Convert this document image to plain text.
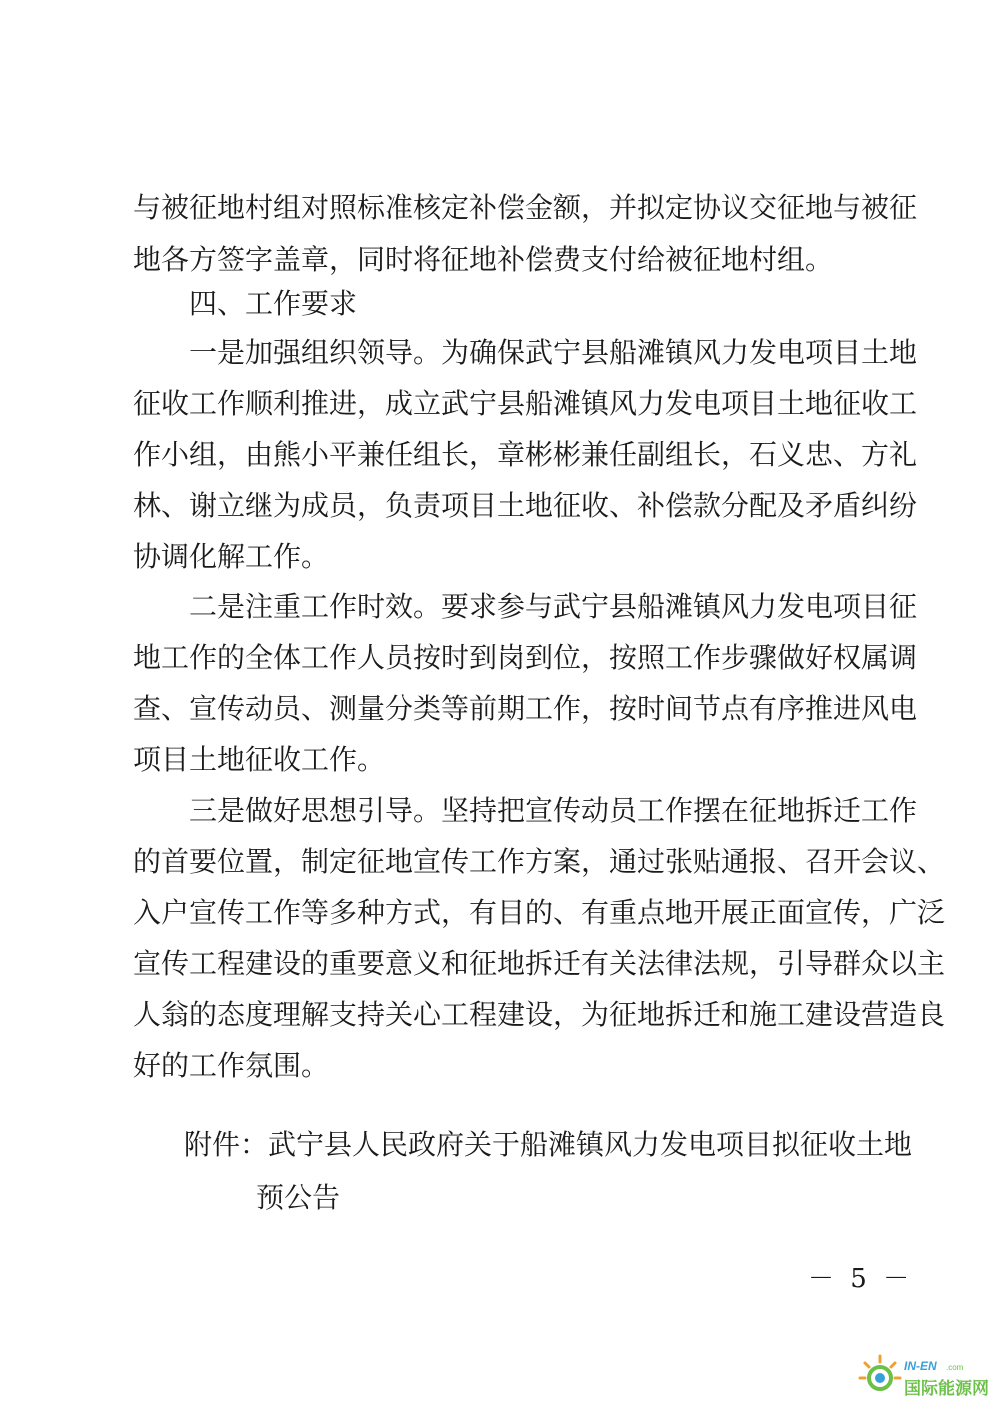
与被征地村组对照标准核定补偿金额，并拟定协议交征地与被征
地各方签字盖章，同时将征地补偿费支付给被征地村组。
四、工作要求
一是加强组织领导。为确保武宁县船滩镇风力发电项目土地
征收工作顺利推进，成立武宁县船滩镇风力发电项目土地征收工
作小组，由熊小平兼任组长，章彬彬兼任副组长，石义忠、方礼
林、谢立继为成员，负责项目土地征收、补偿款分配及矛盾纠纷
协调化解工作。
二是注重工作时效。要求参与武宁县船滩镇风力发电项目征
地工作的全体工作人员按时到岗到位，按照工作步骤做好权属调
查、宣传动员、测量分类等前期工作，按时间节点有序推进风电
项目土地征收工作。
三是做好思想引导。坚持把宣传动员工作摆在征地拆迁工作
的首要位置，制定征地宣传工作方案，通过张贴通报、召开会议、
入户宣传工作等多种方式，有目的、有重点地开展正面宣传，广泛
宣传工程建设的重要意义和征地拆迁有关法律法规，引导群众以主
人翁的态度理解支持关心工程建设，为征地拆迁和施工建设营造良
好的工作氛围。
附件：武宁县人民政府关于船滩镇风力发电项目拟征收土地
预公告
－ 5 －
IN-EN .com
国际能源网
